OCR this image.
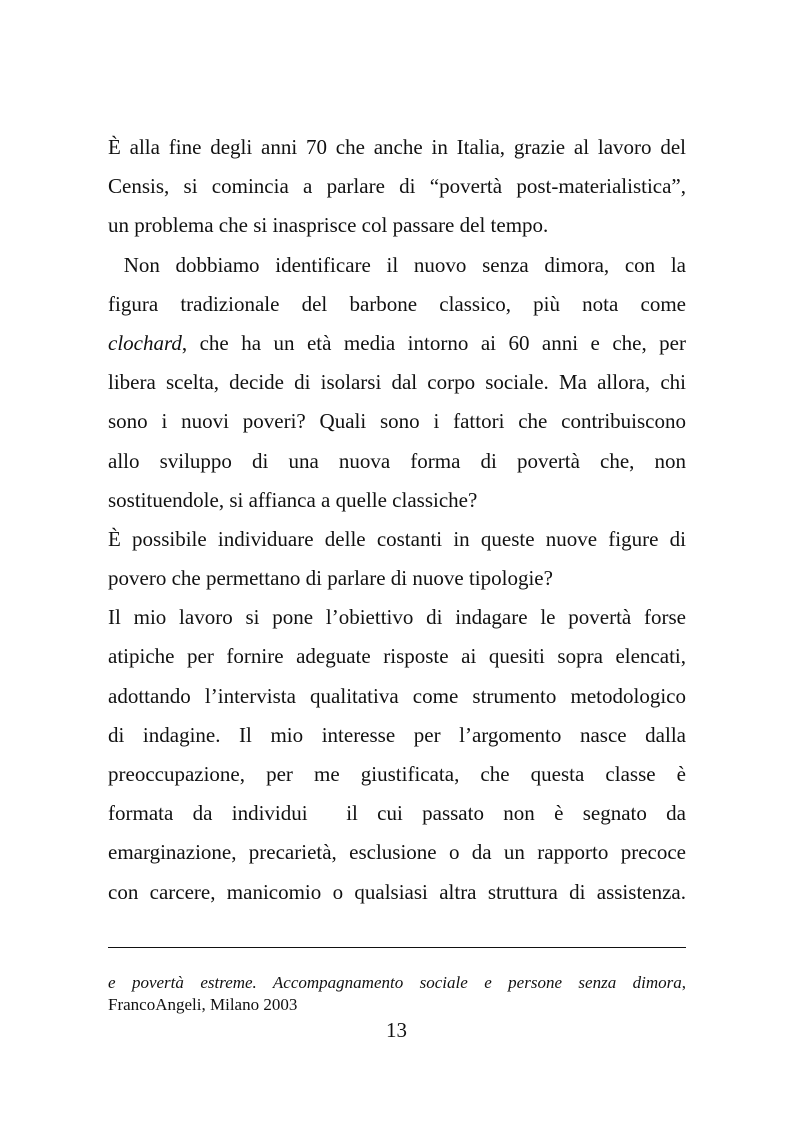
È alla fine degli anni 70 che anche in Italia, grazie al lavoro del
Censis, si comincia a parlare di “povertà post-materialistica”,
un problema che si inasprisce col passare del tempo.
Non dobbiamo identificare il nuovo senza dimora, con la
figura tradizionale del barbone classico, più nota come
clochard, che ha un età media intorno ai 60 anni e che, per
libera scelta, decide di isolarsi dal corpo sociale. Ma allora, chi
sono i nuovi poveri? Quali sono i fattori che contribuiscono
allo sviluppo di una nuova forma di povertà che, non
sostituendole, si affianca a quelle classiche?
È possibile individuare delle costanti in queste nuove figure di
povero che permettano di parlare di nuove tipologie?
Il mio lavoro si pone l’obiettivo di indagare le povertà forse
atipiche per fornire adeguate risposte ai quesiti sopra elencati,
adottando l’intervista qualitativa come strumento metodologico
di indagine. Il mio interesse per l’argomento nasce dalla
preoccupazione, per me giustificata, che questa classe è
formata da individui  il cui passato non è segnato da
emarginazione, precarietà, esclusione o da un rapporto precoce
con carcere, manicomio o qualsiasi altra struttura di assistenza.
e povertà estreme. Accompagnamento sociale e persone senza dimora,
FrancoAngeli, Milano 2003
13
